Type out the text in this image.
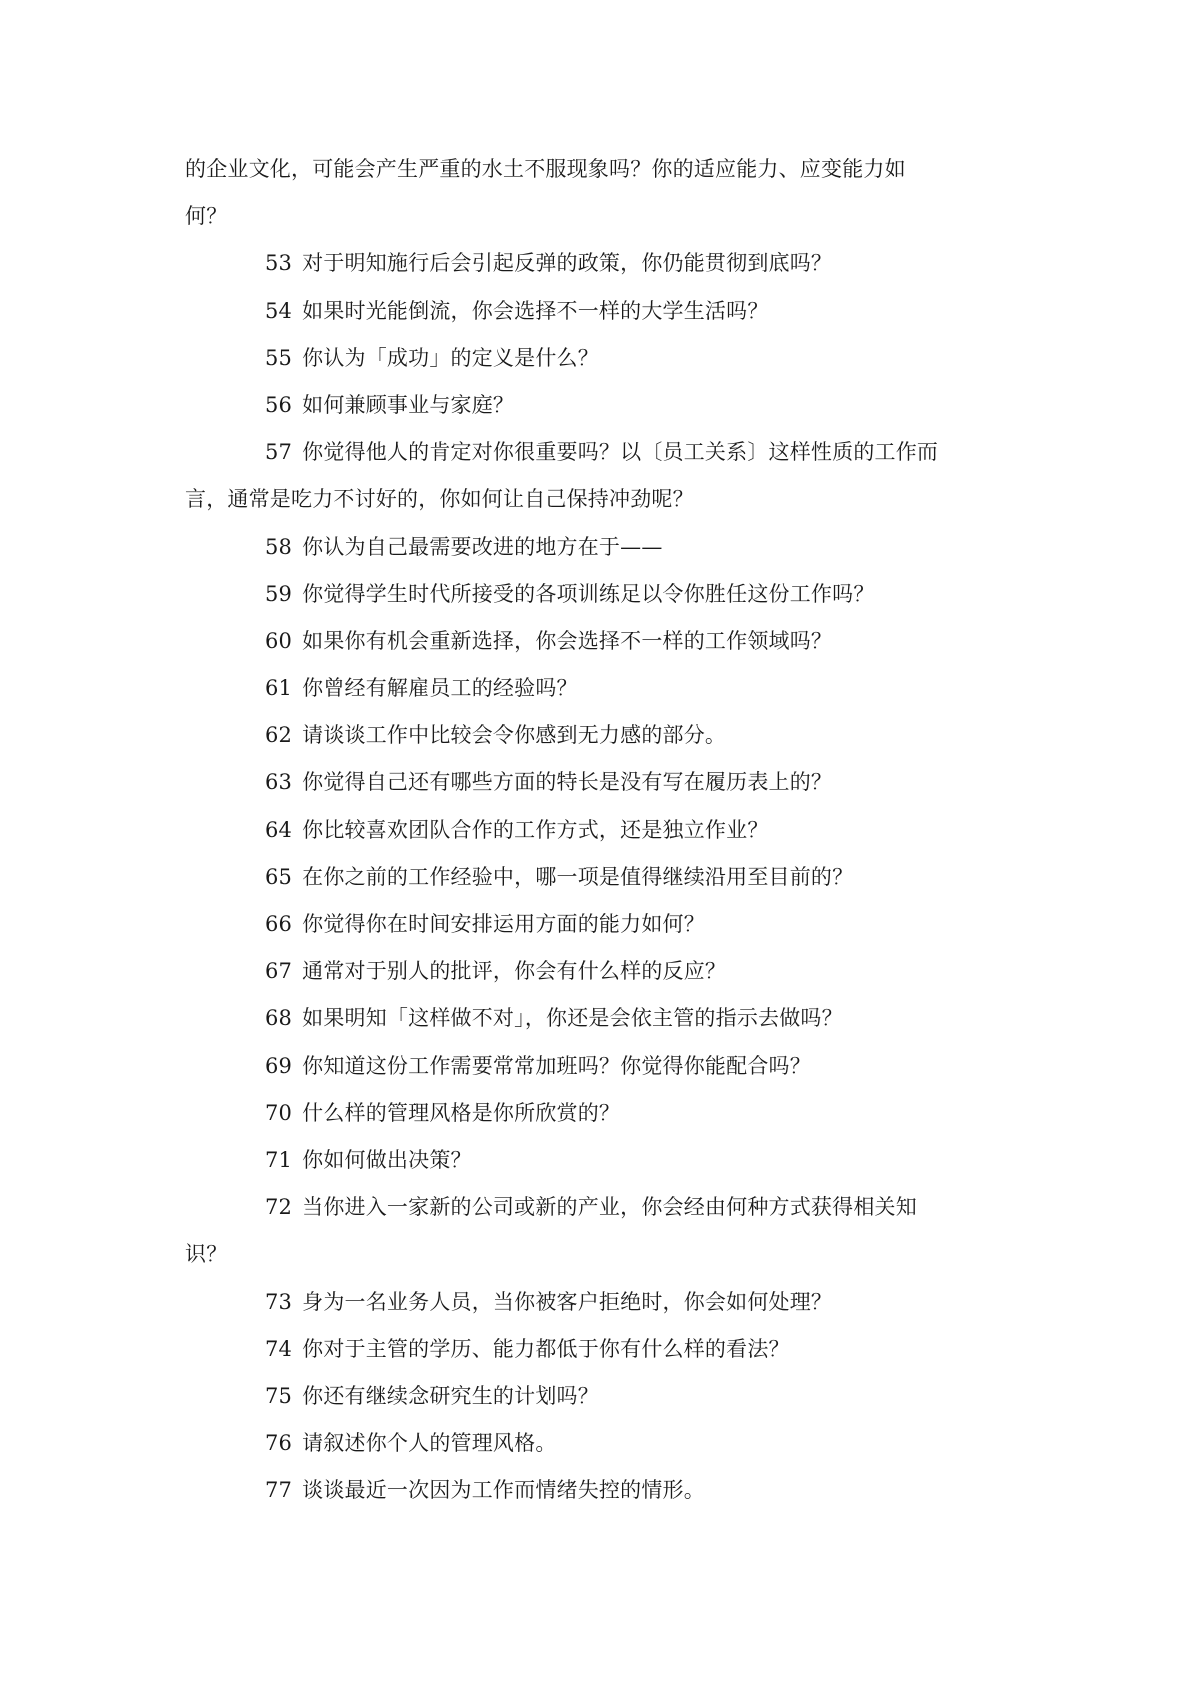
的企业文化，可能会产生严重的水土不服现象吗？你的适应能力、应变能力如
何？
53 对于明知施行后会引起反弹的政策，你仍能贯彻到底吗？
54 如果时光能倒流，你会选择不一样的大学生活吗？
55 你认为「成功」的定义是什么？
56 如何兼顾事业与家庭？
57 你觉得他人的肯定对你很重要吗？以〔员工关系〕这样性质的工作而
言，通常是吃力不讨好的，你如何让自己保持冲劲呢？
58 你认为自己最需要改进的地方在于——
59 你觉得学生时代所接受的各项训练足以令你胜任这份工作吗？
60 如果你有机会重新选择，你会选择不一样的工作领域吗？
61 你曾经有解雇员工的经验吗？
62 请谈谈工作中比较会令你感到无力感的部分。
63 你觉得自己还有哪些方面的特长是没有写在履历表上的？
64 你比较喜欢团队合作的工作方式，还是独立作业？
65 在你之前的工作经验中，哪一项是值得继续沿用至目前的？
66 你觉得你在时间安排运用方面的能力如何？
67 通常对于别人的批评，你会有什么样的反应？
68 如果明知「这样做不对」，你还是会依主管的指示去做吗？
69 你知道这份工作需要常常加班吗？你觉得你能配合吗？
70 什么样的管理风格是你所欣赏的？
71 你如何做出决策？
72 当你进入一家新的公司或新的产业，你会经由何种方式获得相关知
识？
73 身为一名业务人员，当你被客户拒绝时，你会如何处理？
74 你对于主管的学历、能力都低于你有什么样的看法？
75 你还有继续念研究生的计划吗？
76 请叙述你个人的管理风格。
77 谈谈最近一次因为工作而情绪失控的情形。
